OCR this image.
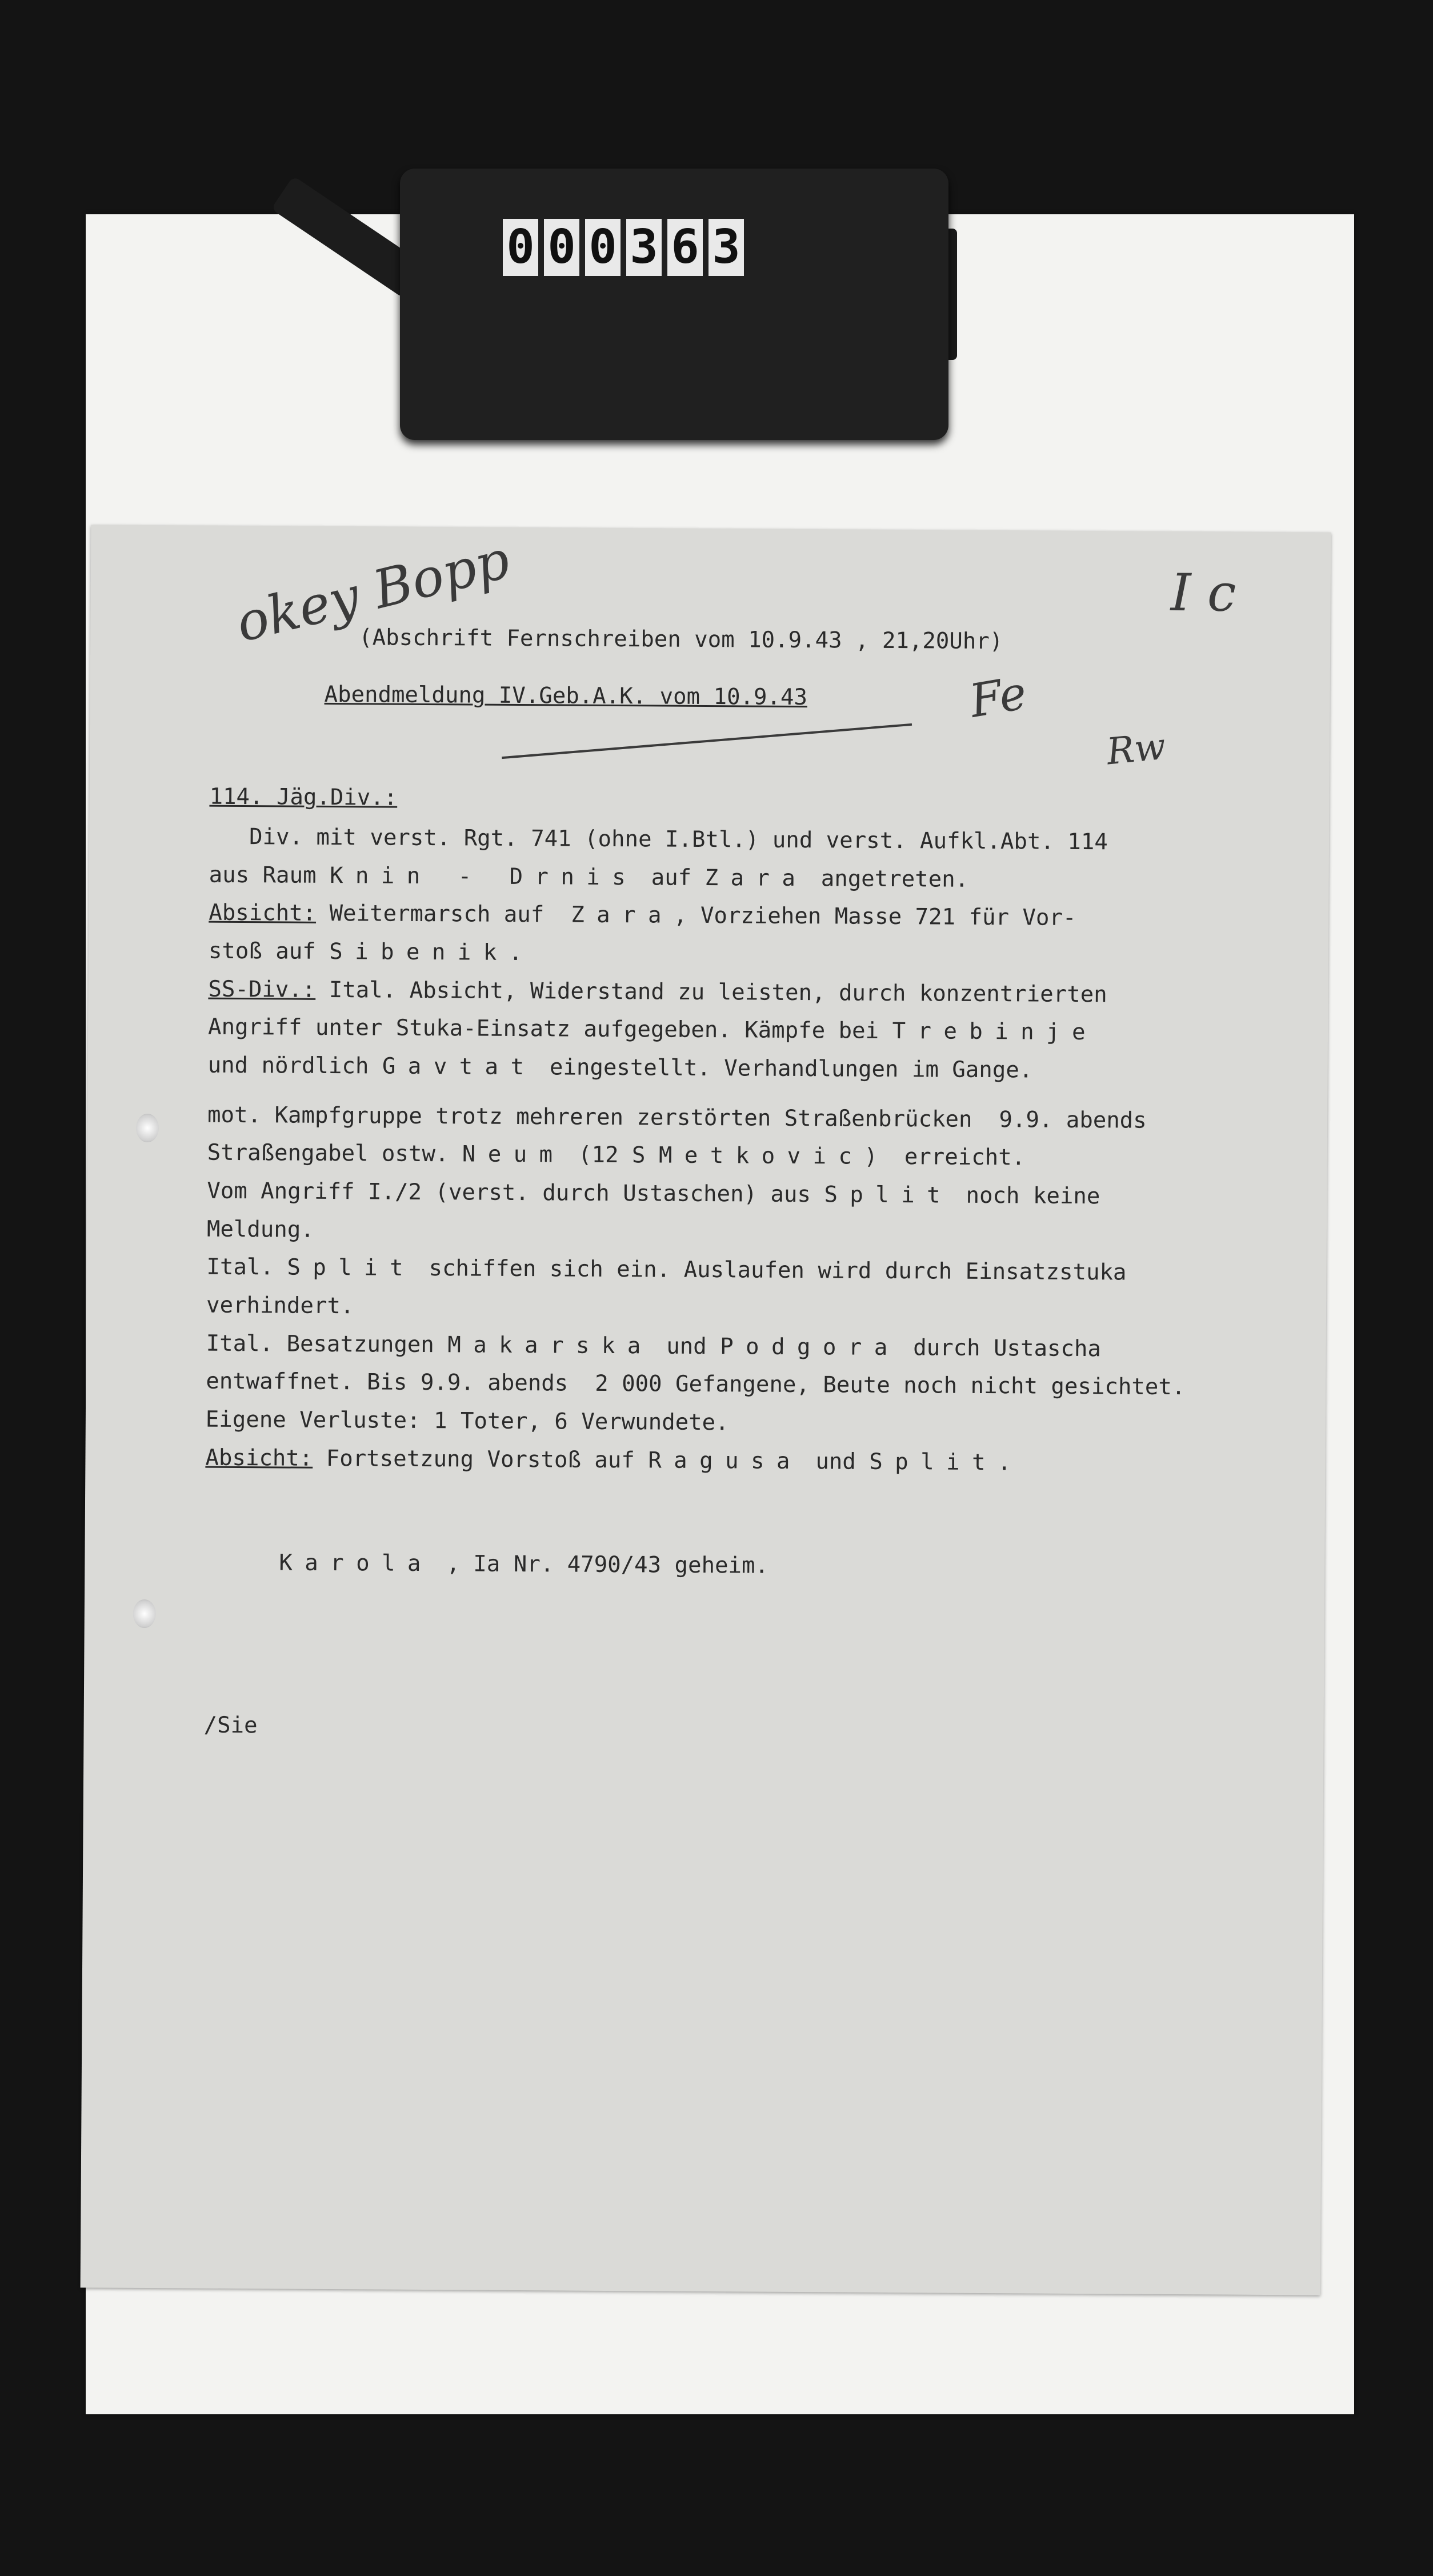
0 0 0 3 6 3
okey Bopp	I c
Fe
Rw
(Abschrift Fernschreiben vom 10.9.43 , 21,20Uhr)
Abendmeldung IV.Geb.A.K. vom 10.9.43
114. Jäg.Div.:
Div. mit verst. Rgt. 741 (ohne I.Btl.) und verst. Aufkl.Abt. 114
aus Raum Knin - Drnis auf Zara angetreten.
Absicht: Weitermarsch auf Zara, Vorziehen Masse 721 für Vor-
stoß auf Sibenik.
SS-Div.: Ital. Absicht, Widerstand zu leisten, durch konzentrierten
Angriff unter Stuka-Einsatz aufgegeben. Kämpfe bei Trebinje
und nördlich Gavtat eingestellt. Verhandlungen im Gange.
mot. Kampfgruppe trotz mehreren zerstörten Straßenbrücken  9.9. abends
Straßengabel ostw. Neum (12 S Metkovic)  erreicht.
Vom Angriff I./2 (verst. durch Ustaschen) aus Split noch keine
Meldung.
Ital. Split schiffen sich ein. Auslaufen wird durch Einsatzstuka
verhindert.
Ital. Besatzungen Makarska und Podgora durch Ustascha
entwaffnet. Bis 9.9. abends  2 000 Gefangene, Beute noch nicht gesichtet.
Eigene Verluste: 1 Toter, 6 Verwundete.
Absicht: Fortsetzung Vorstoß auf Ragusa und Split.
Karola , Ia Nr. 4790/43 geheim.
/Sie
